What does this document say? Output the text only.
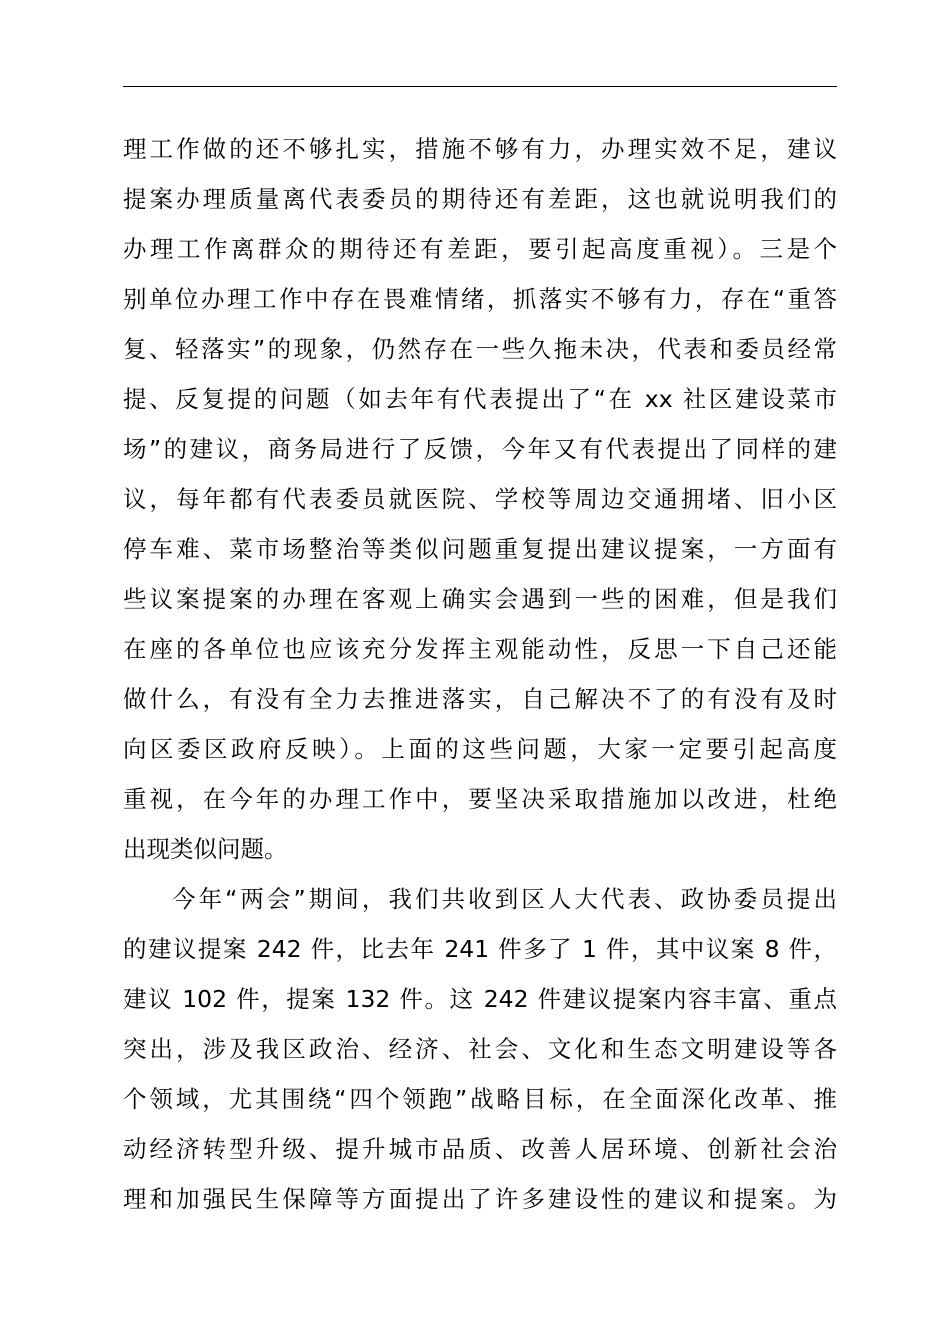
理工作做的还不够扎实，措施不够有力，办理实效不足，建议
提案办理质量离代表委员的期待还有差距，这也就说明我们的
办理工作离群众的期待还有差距，要引起高度重视）。三是个
别单位办理工作中存在畏难情绪，抓落实不够有力，存在“重答
复、轻落实”的现象，仍然存在一些久拖未决，代表和委员经常
提、反复提的问题（如去年有代表提出了“在 xx 社区建设菜市
场”的建议，商务局进行了反馈，今年又有代表提出了同样的建
议，每年都有代表委员就医院、学校等周边交通拥堵、旧小区
停车难、菜市场整治等类似问题重复提出建议提案，一方面有
些议案提案的办理在客观上确实会遇到一些的困难，但是我们
在座的各单位也应该充分发挥主观能动性，反思一下自己还能
做什么，有没有全力去推进落实，自己解决不了的有没有及时
向区委区政府反映）。上面的这些问题，大家一定要引起高度
重视，在今年的办理工作中，要坚决采取措施加以改进，杜绝
出现类似问题。
今年“两会”期间，我们共收到区人大代表、政协委员提出
的建议提案 242 件，比去年 241 件多了 1 件，其中议案 8 件，
建议 102 件，提案 132 件。这 242 件建议提案内容丰富、重点
突出，涉及我区政治、经济、社会、文化和生态文明建设等各
个领域，尤其围绕“四个领跑”战略目标，在全面深化改革、推
动经济转型升级、提升城市品质、改善人居环境、创新社会治
理和加强民生保障等方面提出了许多建设性的建议和提案。为
